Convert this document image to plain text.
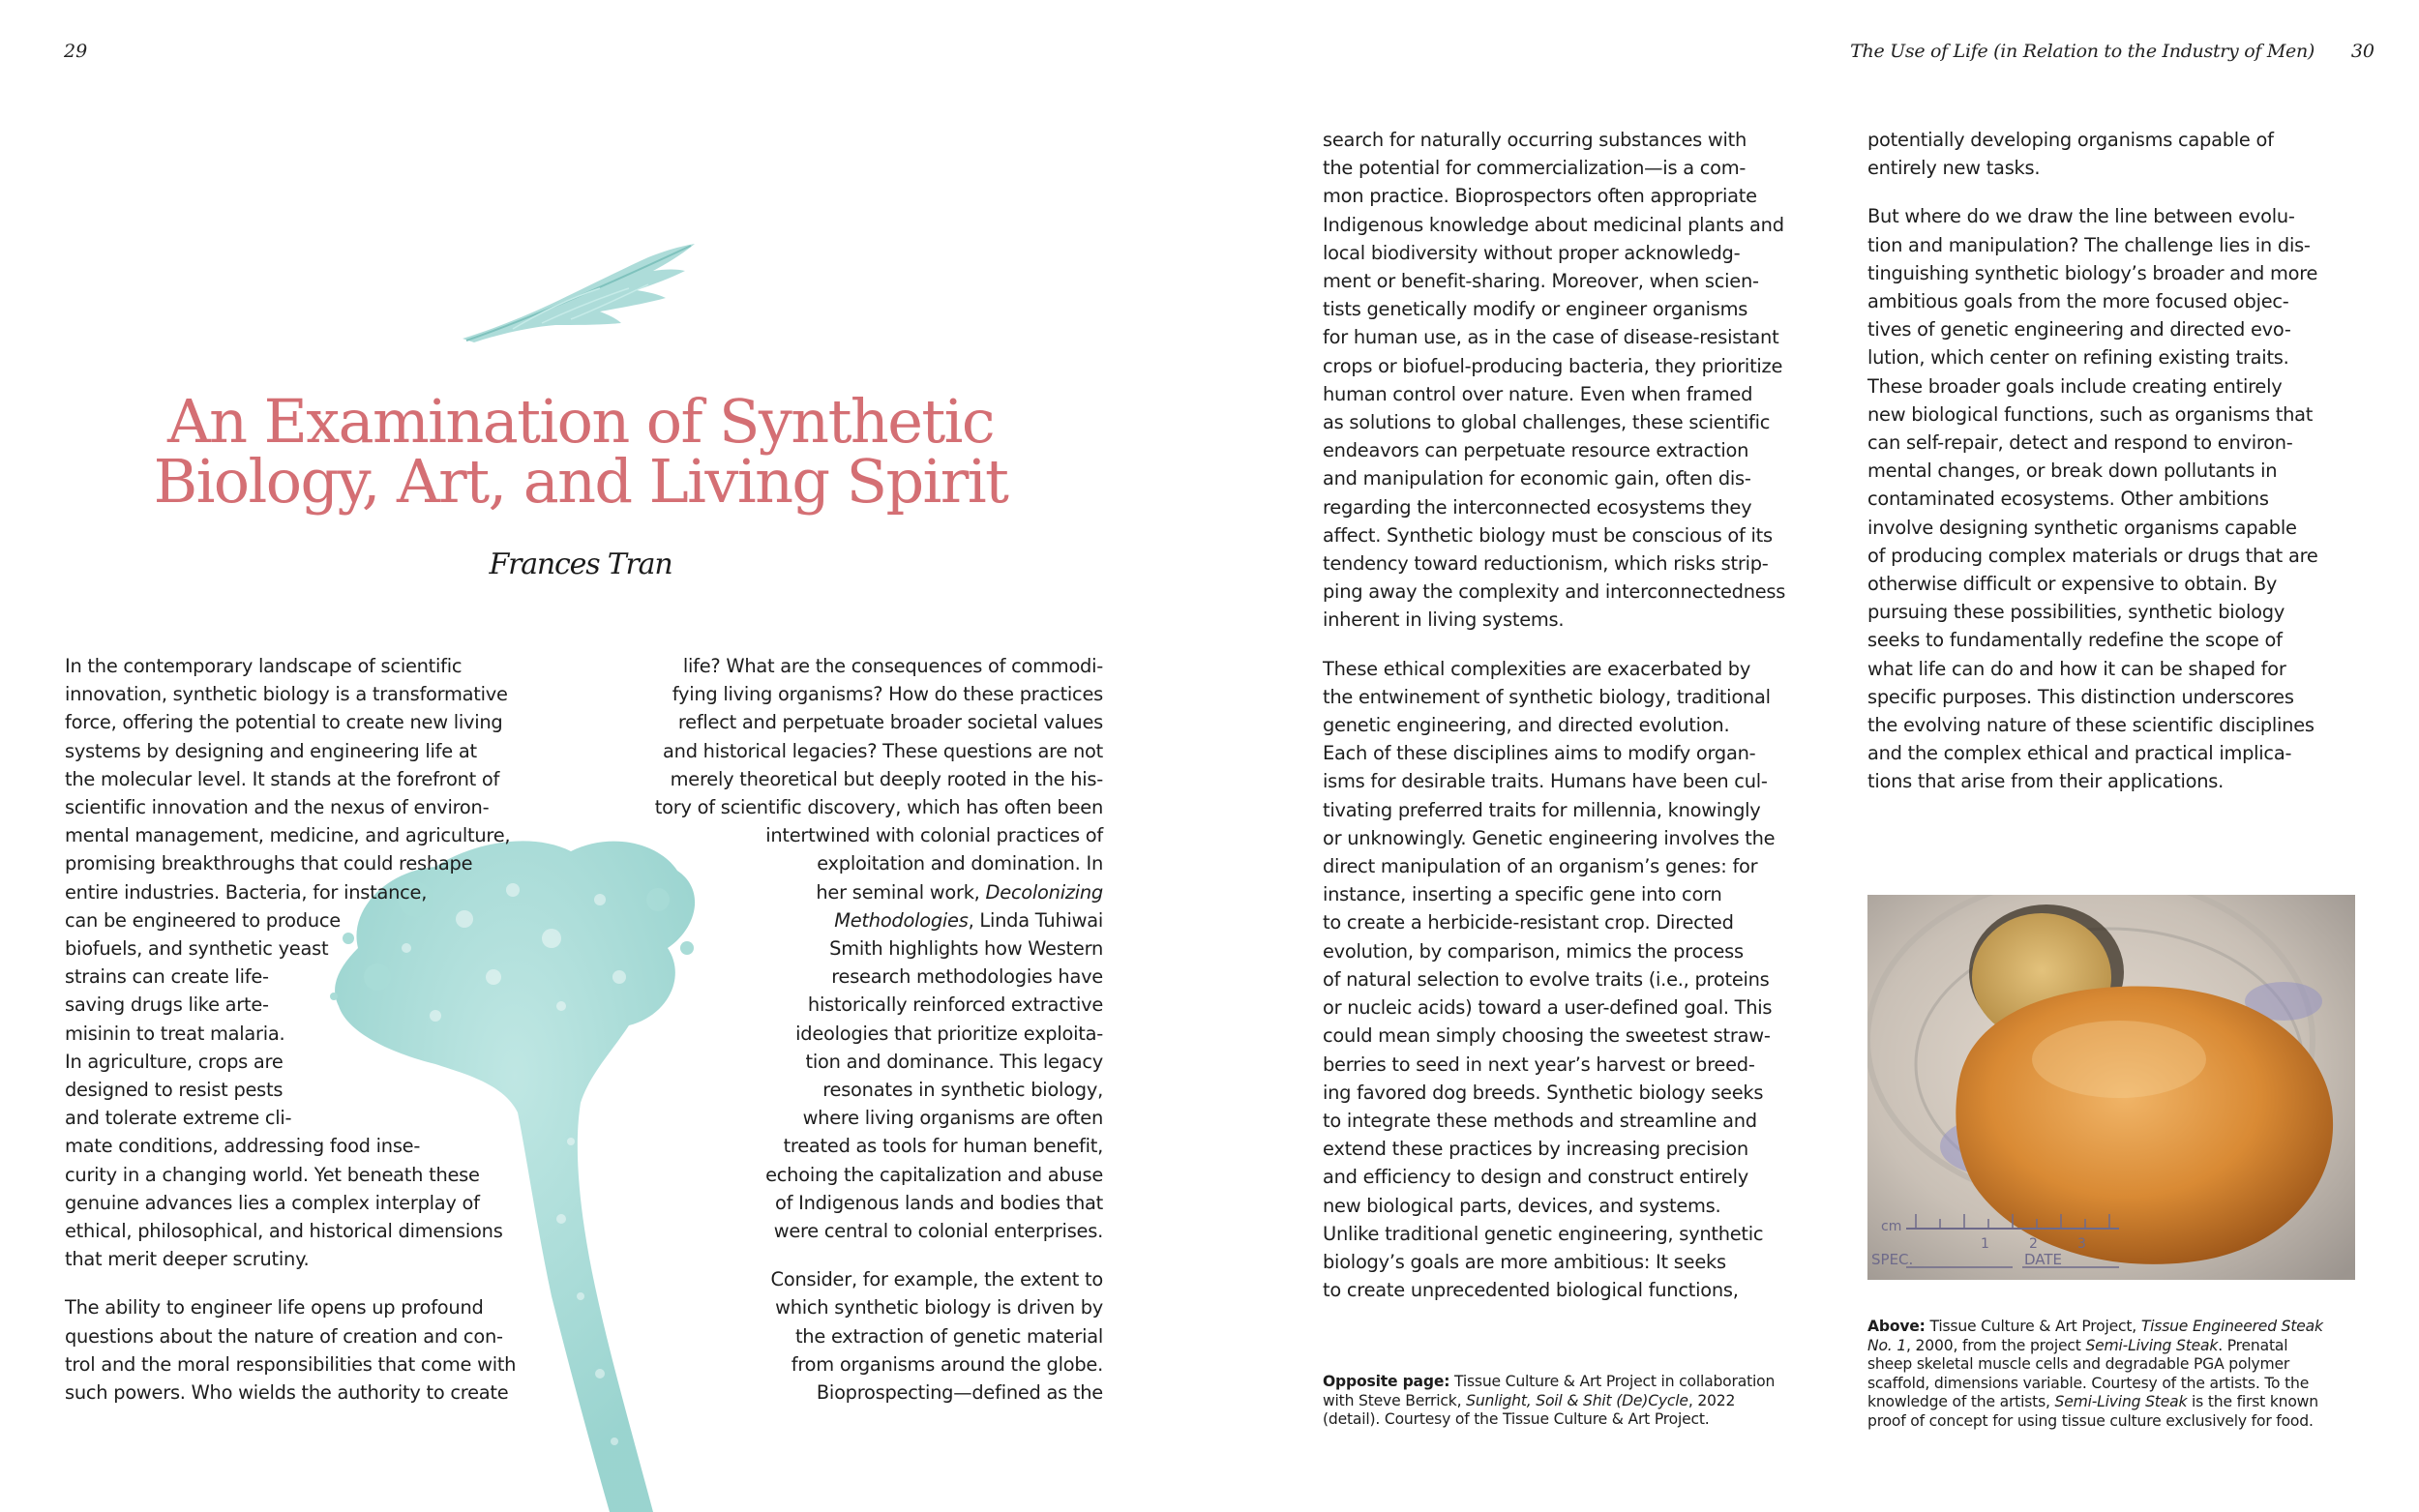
29
An Examination of Synthetic
Biology, Art, and Living Spirit
Frances Tran
In the contemporary landscape of scientific
innovation, synthetic biology is a transformative
force, offering the potential to create new living
systems by designing and engineering life at
the molecular level. It stands at the forefront of
scientific innovation and the nexus of environ-
mental management, medicine, and agriculture,
promising breakthroughs that could reshape
entire industries. Bacteria, for instance,
can be engineered to produce
biofuels, and synthetic yeast
strains can create life-
saving drugs like arte-
misinin to treat malaria.
In agriculture, crops are
designed to resist pests
and tolerate extreme cli-
mate conditions, addressing food inse-
curity in a changing world. Yet beneath these
genuine advances lies a complex interplay of
ethical, philosophical, and historical dimensions
that merit deeper scrutiny.
The ability to engineer life opens up profound
questions about the nature of creation and con-
trol and the moral responsibilities that come with
such powers. Who wields the authority to create
life? What are the consequences of commodi-
fying living organisms? How do these practices
reflect and perpetuate broader societal values
and historical legacies? These questions are not
merely theoretical but deeply rooted in the his-
tory of scientific discovery, which has often been
intertwined with colonial practices of
exploitation and domination. In
her seminal work, Decolonizing
Methodologies, Linda Tuhiwai
Smith highlights how Western
research methodologies have
historically reinforced extractive
ideologies that prioritize exploita-
tion and dominance. This legacy
resonates in synthetic biology,
where living organisms are often
treated as tools for human benefit,
echoing the capitalization and abuse
of Indigenous lands and bodies that
were central to colonial enterprises.
Consider, for example, the extent to
which synthetic biology is driven by
the extraction of genetic material
from organisms around the globe.
Bioprospecting—defined as the
The Use of Life (in Relation to the Industry of Men) 30
search for naturally occurring substances with
the potential for commercialization—is a com-
mon practice. Bioprospectors often appropriate
Indigenous knowledge about medicinal plants and
local biodiversity without proper acknowledg-
ment or benefit-sharing. Moreover, when scien-
tists genetically modify or engineer organisms
for human use, as in the case of disease-resistant
crops or biofuel-producing bacteria, they prioritize
human control over nature. Even when framed
as solutions to global challenges, these scientific
endeavors can perpetuate resource extraction
and manipulation for economic gain, often dis-
regarding the interconnected ecosystems they
affect. Synthetic biology must be conscious of its
tendency toward reductionism, which risks strip-
ping away the complexity and interconnectedness
inherent in living systems.
These ethical complexities are exacerbated by
the entwinement of synthetic biology, traditional
genetic engineering, and directed evolution.
Each of these disciplines aims to modify organ-
isms for desirable traits. Humans have been cul-
tivating preferred traits for millennia, knowingly
or unknowingly. Genetic engineering involves the
direct manipulation of an organism’s genes: for
instance, inserting a specific gene into corn
to create a herbicide-resistant crop. Directed
evolution, by comparison, mimics the process
of natural selection to evolve traits (i.e., proteins
or nucleic acids) toward a user-defined goal. This
could mean simply choosing the sweetest straw-
berries to seed in next year’s harvest or breed-
ing favored dog breeds. Synthetic biology seeks
to integrate these methods and streamline and
extend these practices by increasing precision
and efficiency to design and construct entirely
new biological parts, devices, and systems.
Unlike traditional genetic engineering, synthetic
biology’s goals are more ambitious: It seeks
to create unprecedented biological functions,
potentially developing organisms capable of
entirely new tasks.
But where do we draw the line between evolu-
tion and manipulation? The challenge lies in dis-
tinguishing synthetic biology’s broader and more
ambitious goals from the more focused objec-
tives of genetic engineering and directed evo-
lution, which center on refining existing traits.
These broader goals include creating entirely
new biological functions, such as organisms that
can self-repair, detect and respond to environ-
mental changes, or break down pollutants in
contaminated ecosystems. Other ambitions
involve designing synthetic organisms capable
of producing complex materials or drugs that are
otherwise difficult or expensive to obtain. By
pursuing these possibilities, synthetic biology
seeks to fundamentally redefine the scope of
what life can do and how it can be shaped for
specific purposes. This distinction underscores
the evolving nature of these scientific disciplines
and the complex ethical and practical implica-
tions that arise from their applications.
cm
1	2	3
SPEC.	DATE
Above: Tissue Culture & Art Project, Tissue Engineered Steak
No. 1, 2000, from the project Semi-Living Steak. Prenatal
sheep skeletal muscle cells and degradable PGA polymer
scaffold, dimensions variable. Courtesy of the artists. To the
knowledge of the artists, Semi-Living Steak is the first known
proof of concept for using tissue culture exclusively for food.
Opposite page: Tissue Culture & Art Project in collaboration
with Steve Berrick, Sunlight, Soil & Shit (De)Cycle, 2022
(detail). Courtesy of the Tissue Culture & Art Project.
